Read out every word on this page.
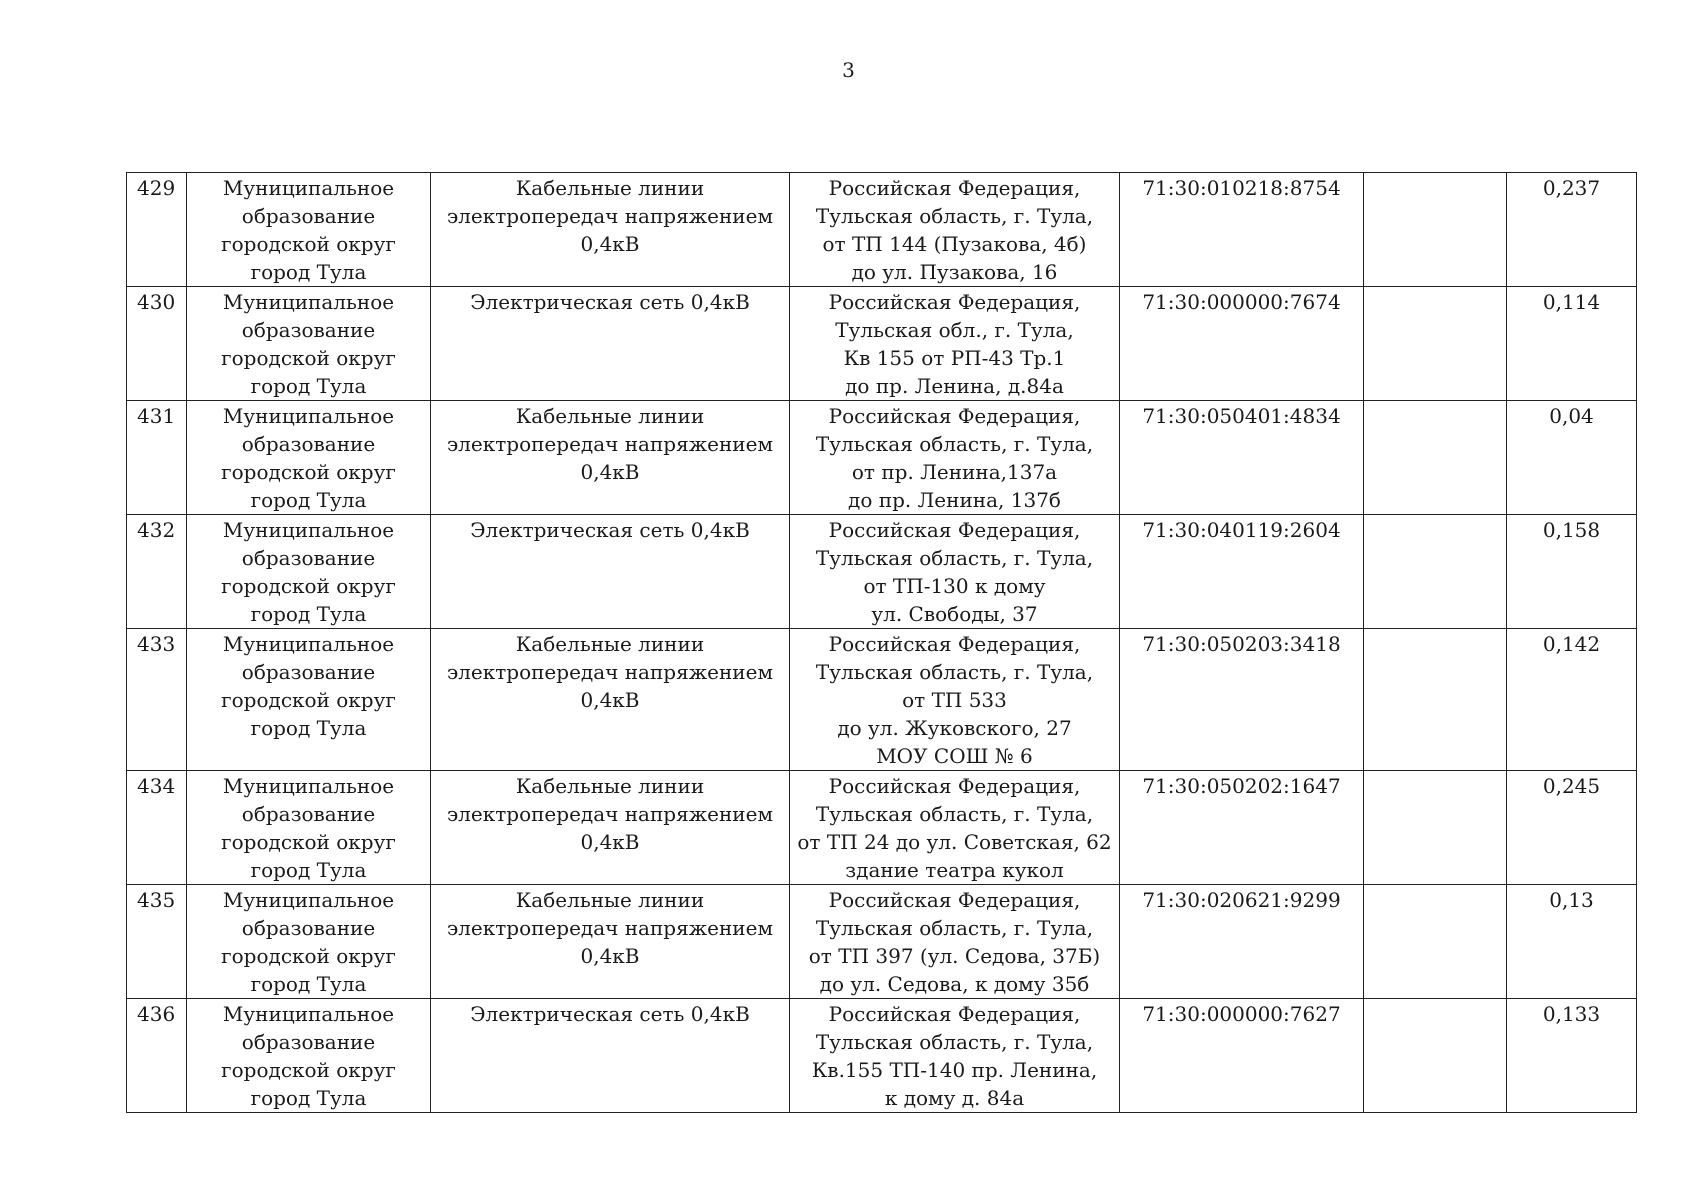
3
429	Муниципальное
образование
городской округ
город Тула	Кабельные линии
электропередач напряжением
0,4кВ	Российская Федерация,
Тульская область, г. Тула,
от ТП 144 (Пузакова, 4б)
до ул. Пузакова, 16	71:30:010218:8754		0,237
430	Муниципальное
образование
городской округ
город Тула	Электрическая сеть 0,4кВ	Российская Федерация,
Тульская обл., г. Тула,
Кв 155 от РП-43 Тр.1
до пр. Ленина, д.84а	71:30:000000:7674		0,114
431	Муниципальное
образование
городской округ
город Тула	Кабельные линии
электропередач напряжением
0,4кВ	Российская Федерация,
Тульская область, г. Тула,
от пр. Ленина,137а
до пр. Ленина, 137б	71:30:050401:4834		0,04
432	Муниципальное
образование
городской округ
город Тула	Электрическая сеть 0,4кВ	Российская Федерация,
Тульская область, г. Тула,
от ТП-130 к дому
ул. Свободы, 37	71:30:040119:2604		0,158
433	Муниципальное
образование
городской округ
город Тула	Кабельные линии
электропередач напряжением
0,4кВ	Российская Федерация,
Тульская область, г. Тула,
от ТП 533
до ул. Жуковского, 27
МОУ СОШ № 6	71:30:050203:3418		0,142
434	Муниципальное
образование
городской округ
город Тула	Кабельные линии
электропередач напряжением
0,4кВ	Российская Федерация,
Тульская область, г. Тула,
от ТП 24 до ул. Советская, 62
здание театра кукол	71:30:050202:1647		0,245
435	Муниципальное
образование
городской округ
город Тула	Кабельные линии
электропередач напряжением
0,4кВ	Российская Федерация,
Тульская область, г. Тула,
от ТП 397 (ул. Седова, 37Б)
до ул. Седова, к дому 35б	71:30:020621:9299		0,13
436	Муниципальное
образование
городской округ
город Тула	Электрическая сеть 0,4кВ	Российская Федерация,
Тульская область, г. Тула,
Кв.155 ТП-140 пр. Ленина,
к дому д. 84а	71:30:000000:7627		0,133
